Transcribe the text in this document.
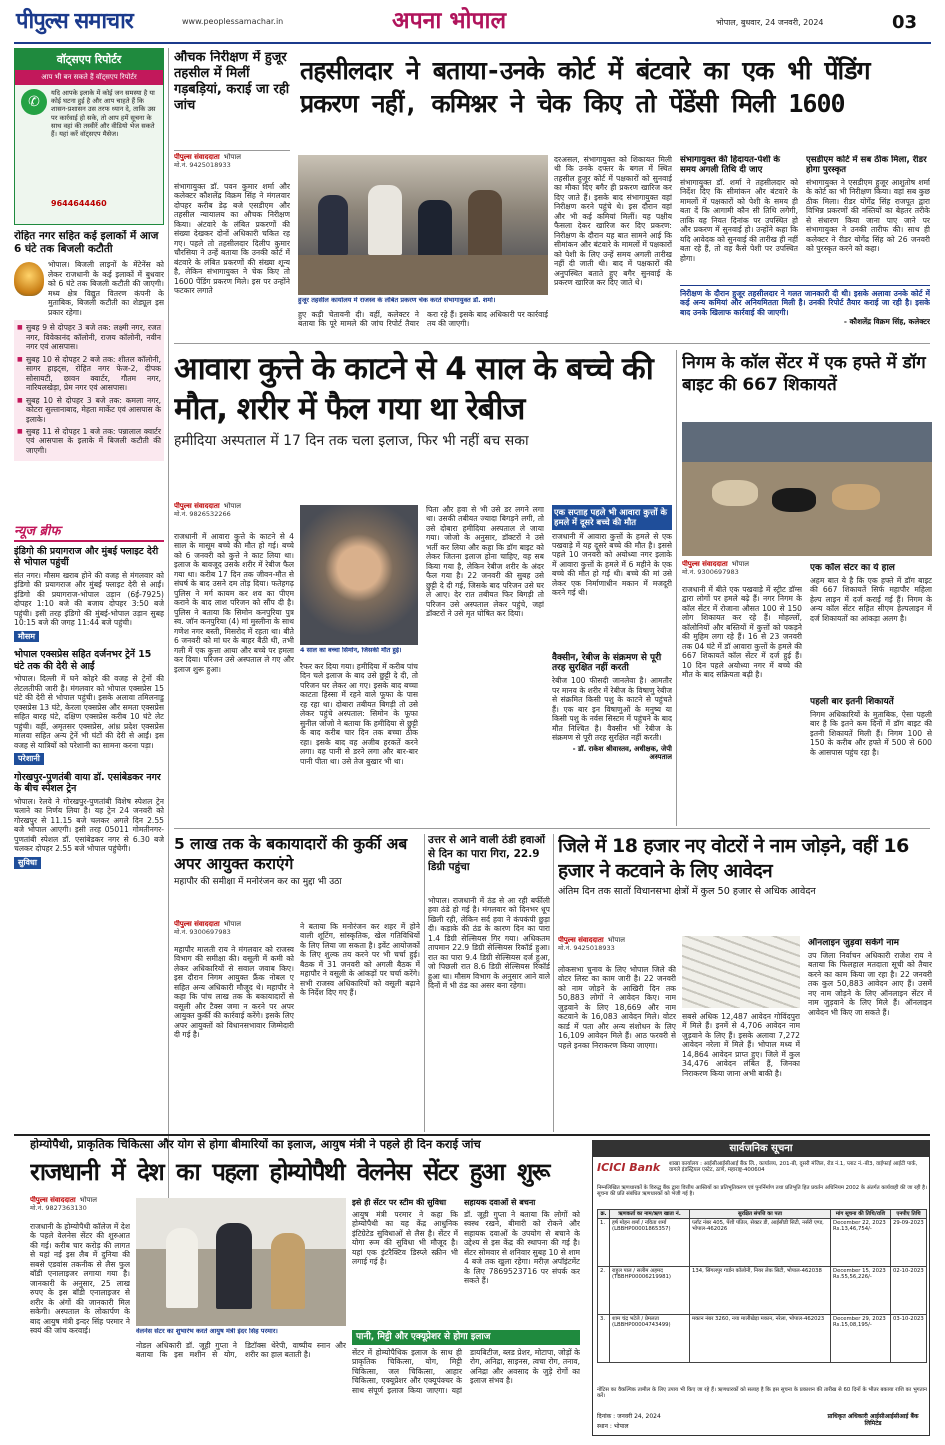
पीपुल्स समाचार	www.peoplessamachar.in	अपना भोपाल	भोपाल, बुधवार, 24 जनवरी, 2024	03
वॉट्सएप रिपोर्टर
आप भी बन सकते हैं वॉट्सएप रिपोर्टर
✆
यदि आपके इलाके में कोई जन समस्या है या कोई घटना हुई है और आप चाहते हैं कि शासन-प्रशासन उस तरफ ध्यान दे, ताकि उस पर कार्रवाई हो सके, तो आप हमें सूचना के साथ वहां की तस्वीरें और वीडियो भेज सकते हैं। यहां करें वॉट्सएप मैसेज।
9644644460
रोहित नगर सहित कई इलाकों में आज 6 घंटे तक बिजली कटौती
भोपाल। बिजली लाइनों के मेंटेनेंस को लेकर राजधानी के कई इलाकों में बुधवार को 6 घंटे तक बिजली कटौती की जाएगी। मध्य क्षेत्र विद्युत वितरण कंपनी के मुताबिक, बिजली कटौती का शेड्यूल इस प्रकार रहेगा।
■ सुबह 9 से दोपहर 3 बजे तक: लक्ष्मी नगर, रजत नगर, विवेकानंद कॉलोनी, राजय कॉलोनी, नवीन नगर एवं आसपास।
■ सुबह 10 से दोपहर 2 बजे तक: शीतल कॉलोनी, सागर हाइट्स, रोहित नगर फेज-2, दीपक सोसायटी, छावन क्वार्टर, गौतम नगर, नारियलखेड़ा, प्रेम नगर एवं आसपास।
■ सुबह 10 से दोपहर 3 बजे तक: कमला नगर, कोटरा सुल्तानाबाद, मेहता मार्केट एवं आसपास के इलाके।
■ सुबह 11 से दोपहर 1 बजे तक: पन्नालाल क्वार्टर एवं आसपास के इलाके में बिजली कटौती की जाएगी।
न्यूज ब्रीफ
इंडिगो की प्रयागराज और मुंबई फ्लाइट देरी से भोपाल पहुंचीं
संत नगर। मौसम खराब होने की वजह से मंगलवार को इंडिगो की प्रयागराज और मुंबई फ्लाइट देरी से आईं। इंडिगो की प्रयागराज-भोपाल उड़ान (6ई-7925) दोपहर 1:10 बजे की बजाय दोपहर 3:50 बजे पहुंची। इसी तरह इंडिगो की मुंबई-भोपाल उड़ान सुबह 10:15 बजे की जगह 11:44 बजे पहुंची।
मौसम
भोपाल एक्सप्रेस सहित दर्जनभर ट्रेनें 15 घंटे तक की देरी से आईं
भोपाल। दिल्ली में घने कोहरे की वजह से ट्रेनों की लेटलतीफी जारी है। मंगलवार को भोपाल एक्सप्रेस 15 घंटे की देरी से भोपाल पहुंची। इसके अलावा तमिलनाडु एक्सप्रेस 13 घंटे, केरला एक्सप्रेस और समता एक्सप्रेस सहित बारह घंटे, दक्षिण एक्सप्रेस करीब 10 घंटे लेट पहुंची। वहीं, अमृतसर एक्सप्रेस, आंध्र प्रदेश एक्सप्रेस मालवा सहित अन्य ट्रेनें भी घंटों की देरी से आईं। इस वजह से यात्रियों को परेशानी का सामना करना पड़ा।
परेशानी
गोरखपुर-पुणतंबी वाया डॉ. एसांबेडकर नगर के बीच स्पेशल ट्रेन
भोपाल। रेलवे ने गोरखपुर-पुणतांबी विशेष स्पेशल ट्रेन चलाने का निर्णय लिया है। यह ट्रेन 24 जनवरी को गोरखपुर से 11.15 बजे चलकर अगले दिन 2.55 बजे भोपाल आएगी। इसी तरह 05011 गोमतीनगर-पुणतांबी स्पेशल डॉ. एसांबेडकर नगर से 6.30 बजे चलकर दोपहर 2.55 बजे भोपाल पहुंचेगी।
सुविधा
औचक निरीक्षण में हुजूर तहसील में मिलीं गड़बड़ियां, कराई जा रही जांच
पीपुल्स संवाददाता भोपाल
मो.नं. 9425018933
तहसीलदार ने बताया-उनके कोर्ट में बंटवारे का एक भी पेंडिंग प्रकरण नहीं, कमिश्नर ने चेक किए तो पेंडेंसी मिली 1600
संभागायुक्त डॉ. पवन कुमार शर्मा और कलेक्टर कौशलेंद्र विक्रम सिंह ने मंगलवार दोपहर करीब डेढ़ बजे एसडीएम और तहसील न्यायालय का औचक निरीक्षण किया। अंटवारे के लंबित प्रकरणों की संख्या देखकर दोनों अधिकारी चकित रह गए। पहले तो तहसीलदार दिलीप कुमार चौरसिया ने उन्हें बताया कि उनकी कोर्ट में बंटवारे के लंबित प्रकरणों की संख्या शून्य है, लेकिन संभागायुक्त ने चेक किए तो 1600 पेंडिंग प्रकरण मिले। इस पर उन्होंने फटकार लगाते
हुजूर तहसील कार्यालय में राजस्व के लंबित प्रकरण चेक करते संभागायुक्त डॉ. शर्मा।
हुए कड़ी चेतावनी दी। वहीं, कलेक्टर ने बताया कि पूरे मामले की जांच रिपोर्ट तैयार करा रहे हैं। इसके बाद अधिकारी पर कार्रवाई तय की जाएगी।
दरअसल, संभागायुक्त को शिकायत मिली थी कि उनके दफ्तर के बगल में स्थित तहसील हुजूर कोर्ट में पक्षकारों को सुनवाई का मौका दिए बगैर ही प्रकरण खारिज कर दिए जाते हैं। इसके बाद संभागायुक्त वहां निरीक्षण करने पहुंचे थे। इस दौरान वहां और भी कई कमियां मिलीं। यह पक्षीय फैसला देकर खारिज कर दिए प्रकरण: निरीक्षण के दौरान यह बात सामने आई कि सीमांकन और बंटवारे के मामलों में पक्षकारों को पेशी के लिए उन्हें समय अगली तारीख नहीं दी जाती थी। बाद में पक्षकारों की अनुपस्थित बताते हुए बगैर सुनवाई के प्रकरण खारिज कर दिए जाते थे।
संभागायुक्त की हिदायत-पेशी के समय अगली तिथि दी जाए
संभागायुक्त डॉ. शर्मा ने तहसीलदार को निर्देश दिए कि सीमांकन और बंटवारे के मामलों में पक्षकारों को पेशी के समय ही बता दें कि आगामी कौन सी तिथि लगेगी, ताकि वह नियत दिनांक पर उपस्थित हो और प्रकरण में सुनवाई हो। उन्होंने कहा कि यदि आवेदक को सुनवाई की तारीख ही नहीं बता रहे हैं, तो वह कैसे पेशी पर उपस्थित होगा।
एसडीएम कोर्ट में सब ठीक मिला, रीडर होगा पुरस्कृत
संभागायुक्त ने एसडीएम हुजूर आशुतोष शर्मा के कोर्ट का भी निरीक्षण किया। वहां सब कुछ ठीक मिला। रीडर योगेंद्र सिंह राजपूत द्वारा विभिन्न प्रकरणों की नस्तियों का बेहतर तरीके से संधारण किया जाना पाए जाने पर संभागायुक्त ने उनकी तारीफ की। साथ ही कलेक्टर ने रीडर योगेंद्र सिंह को 26 जनवरी को पुरस्कृत करने को कहा।
निरीक्षण के दौरान हुजूर तहसीलदार ने गलत जानकारी दी थी। इसके अलावा उनके कोर्ट में कई अन्य कमियां और अनियमितता मिली है। उनकी रिपोर्ट तैयार कराई जा रही है। इसके बाद उनके खिलाफ कार्रवाई की जाएगी।
- कौशलेंद्र विक्रम सिंह, कलेक्टर
आवारा कुत्ते के काटने से 4 साल के बच्चे की मौत, शरीर में फैल गया था रेबीज
हमीदिया अस्पताल में 17 दिन तक चला इलाज, फिर भी नहीं बच सका
पीपुल्स संवाददाता भोपाल
मो.नं. 9826532266
राजधानी में आवारा कुत्ते के काटने से 4 साल के मासूम बच्चे की मौत हो गई। बच्चे को 6 जनवरी को कुत्ते ने काट लिया था। इलाज के बावजूद उसके शरीर में रेबीज फैल गया था। करीब 17 दिन तक जीवन-मौत से संघर्ष के बाद उसने दम तोड़ दिया। फतेहगढ़ पुलिस ने मर्ग कायम कर शव का पीएम कराने के बाद लाश परिजन को सौंप दी है। पुलिस ने बताया कि सिमोन कनपुरिया पुत्र स्व. जॉन कनपुरिया (4) मां मुस्लीना के साथ गणेश नगर बस्ती, मिसरोद में रहता था। बीते 6 जनवरी को मां घर के बाहर बैठी थी, तभी गली में एक कुत्ता आया और बच्चे पर हमला कर दिया। परिजन उसे अस्पताल ले गए और इलाज शुरू हुआ।
4 साल का बच्चा सिमोन, जिसकी मौत हुई।
रैफर कर दिया गया। हमीदिया में करीब पांच दिन चले इलाज के बाद उसे छुट्टी दे दी, तो परिजन घर लेकर आ गए। इसके बाद बच्चा काटता हिस्सा में रहने वाले फूफा के पास रह रहा था। दोबारा तबीयत बिगड़ी तो उसे लेकर पहुंचे अस्पताल: सिमोन के फूफा सुनील जोजो ने बताया कि हमीदिया से छुट्टी के बाद करीब चार दिन तक बच्चा ठीक रहा। इसके बाद वह अजीब हरकतें करने लगा। वह पानी से डरने लगा और बार-बार पानी पीता था। उसे तेज बुखार भी था।
पिता और हवा से भी उसे डर लगने लगा था। उसकी तबीयत ज्यादा बिगड़ने लगी, तो उसे दोबारा हमीदिया अस्पताल ले जाया गया। जोजो के अनुसार, डॉक्टरों ने उसे भर्ती कर लिया और कहा कि डॉग बाइट को लेकर जितना इलाज होना चाहिए, वह सब किया गया है, लेकिन रेबीज शरीर के अंदर फैल गया है। 22 जनवरी की सुबह उसे छुट्टी दे दी गई, जिसके बाद परिजन उसे घर ले आए। देर रात तबीयत फिर बिगड़ी तो परिजन उसे अस्पताल लेकर पहुंचे, जहां डॉक्टरों ने उसे मृत घोषित कर दिया।
एक सप्ताह पहले भी आवारा कुत्तों के हमले में दूसरे बच्चे की मौत
राजधानी में आवारा कुत्तों के हमले से एक पखवाड़े में यह दूसरे बच्चे की मौत है। इससे पहले 10 जनवरी को अयोध्या नगर इलाके में आवारा कुत्तों के हमले में 6 महीने के एक बच्चे की मौत हो गई थी। बच्चे की मां उसे लेकर एक निर्माणाधीन मकान में मजदूरी करने गई थी।
वैक्सीन, रेबीज के संक्रमण से पूरी तरह सुरक्षित नहीं करती
रेबीज 100 फीसदी जानलेवा है। आमतौर पर मानव के शरीर में रेबीज के विषाणु रेबीज से संक्रमित किसी पशु के काटने से पहुंचते हैं। एक बार इन विषाणुओं के मनुष्य या किसी पशु के नर्वस सिस्टम में पहुंचने के बाद मौत निश्चित है। वैक्सीन भी रेबीज के संक्रमण से पूरी तरह सुरक्षित नहीं करती।
- डॉ. राकेश श्रीवास्तव, अधीक्षक, जेपी अस्पताल
निगम के कॉल सेंटर में एक हफ्ते में डॉग बाइट की 667 शिकायतें
पीपुल्स संवाददाता भोपाल
मो.नं. 9300697983
राजधानी में बीते एक पखवाड़े में स्ट्रीट डॉग्स द्वारा लोगों पर हमले बढ़े हैं। नगर निगम के कॉल सेंटर में रोजाना औसत 100 से 150 लोग शिकायत कर रहे हैं। मोहल्लों, कॉलोनियों और बस्तियों में कुत्तों को पकड़ने की मुहिम लगा रहे हैं। 16 से 23 जनवरी तक 04 घंटे में डॉ आवारा कुत्तों के हमले की 667 शिकायतें कॉल सेंटर में दर्ज हुई हैं। 10 दिन पहले अयोध्या नगर में बच्चे की मौत के बाद सक्रियता बढ़ी है।
एक कॉल सेंटर का ये हाल
अहम बात ये है कि एक हफ्ते में डॉग बाइट की 667 शिकायतें सिर्फ महापौर महिला हेल्प लाइन में दर्ज कराई गई हैं। निगम के अन्य कॉल सेंटर सहित सीएम हेल्पलाइन में दर्ज शिकायतों का आंकड़ा अलग है।
पहली बार इतनी शिकायतें
निगम अधिकारियों के मुताबिक, ऐसा पहली बार है कि इतने कम दिनों में डॉग बाइट की इतनी शिकायतें मिली हैं। निगम 100 से 150 के करीब और हफ्ते में 500 से 600 के आसपास पहुंच रहा है।
5 लाख तक के बकायादारों की कुर्की अब अपर आयुक्त कराएंगे
महापौर की समीक्षा में मनोरंजन कर का मुद्दा भी उठा
पीपुल्स संवाददाता भोपाल
मो.नं. 9300697983
महापौर मालती राय ने मंगलवार को राजस्व विभाग की समीक्षा की। वसूली में कमी को लेकर अधिकारियों से सवाल जवाब किए। इस दौरान निगम आयुक्त फ्रैंक नोबल ए सहित अन्य अधिकारी मौजूद थे। महापौर ने कहा कि पांच लाख तक के बकायादारों से वसूली और टैक्स जमा न करने पर अपर आयुक्त कुर्की की कार्रवाई करेंगे। इसके लिए अपर आयुक्तों को विधानसभावार जिम्मेदारी दी गई है।
ने बताया कि मनोरंजन कर शहर में होने वाली शूटिंग, सांस्कृतिक, खेल गतिविधियों के लिए लिया जा सकता है। इवेंट आयोजकों के लिए शुल्क तय करने पर भी चर्चा हुई। बैठक में 31 जनवरी को अगली बैठक में महापौर ने वसूली के आंकड़ों पर चर्चा करेंगे। सभी राजस्व अधिकारियों को वसूली बढ़ाने के निर्देश दिए गए हैं।
उत्तर से आने वाली ठंडी हवाओं से दिन का पारा गिरा, 22.9 डिग्री पहुंचा
भोपाल। राजधानी में ठंड से आ रही बर्फीली हवा ठंडे हो गई है। मंगलवार को दिनभर धूप खिली रही, लेकिन सर्द हवा ने कंपकंपी छुड़ा दी। कड़ाके की ठंड के कारण दिन का पारा 1.4 डिग्री सेल्सियस गिर गया। अधिकतम तापमान 22.9 डिग्री सेल्सियस रिकॉर्ड हुआ। रात का पारा 9.4 डिग्री सेल्सियस दर्ज हुआ, जो पिछली रात 8.6 डिग्री सेल्सियस रिकॉर्ड हुआ था। मौसम विभाग के अनुसार आने वाले दिनों में भी ठंड का असर बना रहेगा।
जिले में 18 हजार नए वोटरों ने नाम जोड़ने, वहीं 16 हजार ने कटवाने के लिए आवेदन
अंतिम दिन तक सातों विधानसभा क्षेत्रों में कुल 50 हजार से अधिक आवेदन
पीपुल्स संवाददाता भोपाल
मो.नं. 9425018933
लोकसभा चुनाव के लिए भोपाल जिले की वोटर लिस्ट का काम जारी है। 22 जनवरी को नाम जोड़ने के आखिरी दिन तक 50,883 लोगों ने आवेदन किए। नाम जुड़वाने के लिए 18,669 और नाम कटवाने के 16,083 आवेदन मिले। वोटर कार्ड में पता और अन्य संशोधन के लिए 16,109 आवेदन मिले हैं। आठ फरवरी से पहले इनका निराकरण किया जाएगा।
सबसे अधिक 12,487 आवेदन गोविंदपुरा में मिले हैं। इनमें से 4,706 आवेदन नाम जुड़वाने के लिए हैं। इसके अलावा 7,272 आवेदन नरेला में मिले हैं। भोपाल मध्य में 14,864 आवेदन प्राप्त हुए। जिले में कुल 34,476 आवेदन लंबित हैं, जिनका निराकरण किया जाना अभी बाकी है।
ऑनलाइन जुड़वा सकेंगे नाम
उप जिला निर्वाचन अधिकारी राजेश राय ने बताया कि फिलहाल मतदाता सूची को तैयार करने का काम किया जा रहा है। 22 जनवरी तक कुल 50,883 आवेदन आए हैं। उसमें नए नाम जोड़ने के लिए ऑनलाइन सेंटर में नाम जुड़वाने के लिए मिले हैं। ऑनलाइन आवेदन भी किए जा सकते हैं।
होम्योपैथी, प्राकृतिक चिकित्सा और योग से होगा बीमारियों का इलाज, आयुष मंत्री ने पहले ही दिन कराई जांच
राजधानी में देश का पहला होम्योपैथी वेलनेस सेंटर हुआ शुरू
पीपुल्स संवाददाता भोपाल
मो.नं. 9827363130
राजधानी के होम्योपैथी कॉलेज में देश के पहले वेलनेस सेंटर की शुरुआत की गई। करीब चार करोड़ की लागत से यहां नई इस लैब में दुनिया की सबसे एडवांस तकनीक से लैस फुल बॉडी एनालाइजर लगाया गया है। जानकारी के अनुसार, 25 लाख रुपए के इस बॉडी एनालाइजर से शरीर के अंगों की जानकारी मिल सकेगी। अस्पताल के लोकार्पण के बाद आयुष मंत्री इन्दर सिंह परमार ने स्वयं की जांच करवाई।	वेलनेस सेंटर का शुभारंभ करते आयुष मंत्री इंदर सिंह परमार।
नोडल अधिकारी डॉ. जूही गुप्ता ने बताया कि इस मशीन से योग, डिटॉक्स थेरेपी, वाष्पीय स्नान और शरीर का हाल बताती है।
इसे ही सेंटर पर स्टीम की सुविधा
आयुष मंत्री परमार ने कहा कि होम्योपैथी का यह केंद्र आधुनिक इंटिग्रेटेड सुविधाओं से लैस है। सेंटर में योगा रूम की सुविधा भी मौजूद है। यहां एक इंटरैक्टिव डिस्प्ले स्क्रीन भी लगाई गई है।
सहायक दवाओं से बचना
डॉ. जूही गुप्ता ने बताया कि लोगों को स्वस्थ रखने, बीमारी को रोकने और सहायक दवाओं के उपयोग से बचाने के उद्देश्य से इस केंद्र की स्थापना की गई है। सेंटर सोमवार से शनिवार सुबह 10 से शाम 4 बजे तक खुला रहेगा। मरीज़ अपॉइंटमेंट के लिए 7869523716 पर संपर्क कर सकते हैं।
पानी, मिट्टी और एक्यूप्रेशर से होगा इलाज
सेंटर में होम्योपैथिक इलाज के साथ ही प्राकृतिक चिकित्सा, योग, मिट्टी चिकित्सा, जल चिकित्सा, आहार चिकित्सा, एक्यूप्रेशर और एक्यूपंक्चर के साथ संपूर्ण इलाज किया जाएगा। यहां डायबिटीज, ब्लड प्रेशर, मोटापा, जोड़ों के रोग, अनिद्रा, साइनस, त्वचा रोग, तनाव, अनिद्रा और अवसाद के जुड़े रोगों का इलाज संभव है।
सार्वजनिक सूचना
ICICI Bank शाखा कार्यालय : आईसीआईसीआई बैंक लि., कार्यालय, 201-बी, दूसरी मंजिल, रोड नं.1, प्लाट नं.-बी3, वाईफाई आईटी पार्क, वागले इंडस्ट्रियल एस्टेट, ठाणे, महाराष्ट्र-400604
निम्नलिखित ऋणधारकों के विरुद्ध बैंक द्वारा वित्तीय आस्तियों का प्रतिभूतिकरण एवं पुनर्निर्माण तथा प्रतिभूति हित प्रवर्तन अधिनियम 2002 के अंतर्गत कार्यवाही की जा रही है। सूचना की प्रति संबंधित ऋणधारकों को भेजी गई है।
क्र.	ऋणकर्ता का नाम/ऋण खाता नं.	सुरक्षित संपत्ति का पता	मांग सूचना की तिथि/राशि	एनपीए तिथि
1.	हर्ष मोहन शर्मा / नविता शर्मा (LBBHP00001865357)	प्लॉट नंबर 405, पेंशी पंतिल, सेक्टर डी, आईसीडी सिटी, नर्सरी एण्ड, भोपाल-462026	December 22, 2023 Rs.13,46,754/-	29-09-2023
2.	राहुल पाल / सलीम अहमद (TBBHP00006219981)	134, सिंगलपुर गार्डन कॉलोनी, नियर लेक सिटी, भोपाल-462038	December 15, 2023 Rs.55,56,226/-	02-10-2023
3.	शाम चंद्र भटेले / प्रेमलता (LBBHP00004743499)	मकान नंबर 3260, नया मालीखेड़ा मकान, नरेला, भोपाल-462023	December 29, 2023 Rs.15,08,195/-	03-10-2023
नोटिस का वैकल्पिक तामील के लिए उपाय भी किए जा रहे हैं। ऋणधारकों को सलाह है कि इस सूचना के प्रकाशन की तारीख से 60 दिनों के भीतर बकाया राशि का भुगतान करें।
दिनांक : जनवरी 24, 2024
स्थान : भोपाल
प्राधिकृत अधिकारी आईसीआईसीआई बैंक लिमिटेड
